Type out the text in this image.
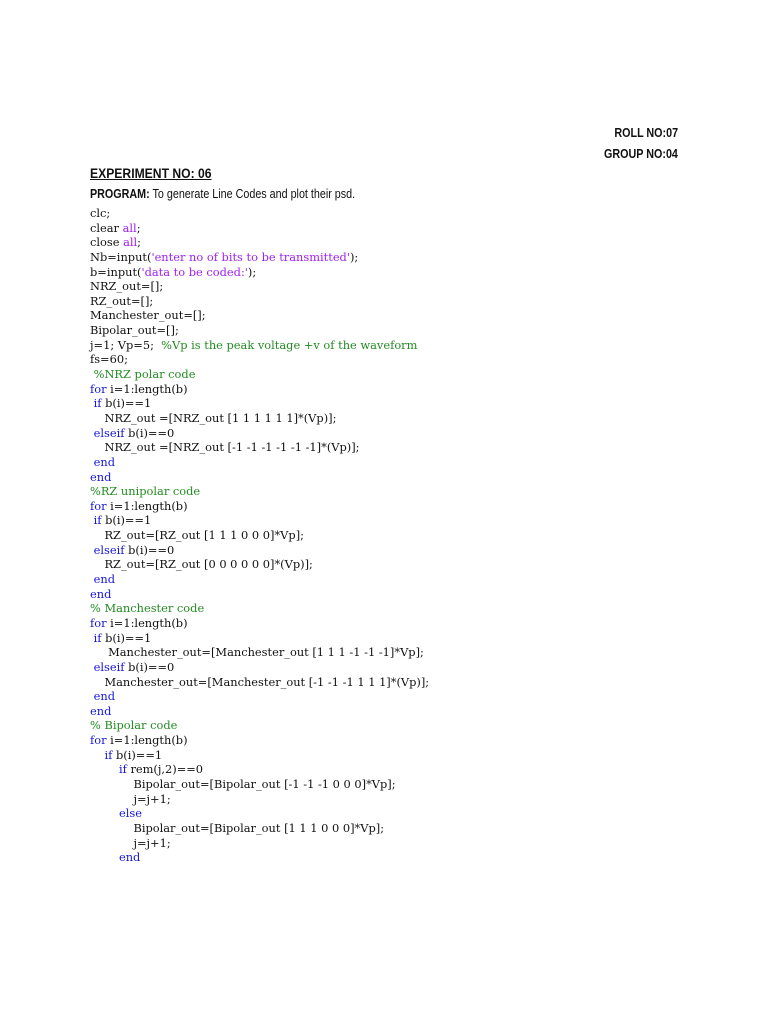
ROLL NO:07
GROUP NO:04
EXPERIMENT NO: 06
PROGRAM: To generate Line Codes and plot their psd.
clc;
clear all;
close all;
Nb=input('enter no of bits to be transmitted');
b=input('data to be coded:');
NRZ_out=[];
RZ_out=[];
Manchester_out=[];
Bipolar_out=[];
j=1; Vp=5;  %Vp is the peak voltage +v of the waveform
fs=60;
%NRZ polar code
for i=1:length(b)
if b(i)==1
NRZ_out =[NRZ_out [1 1 1 1 1 1]*(Vp)];
elseif b(i)==0
NRZ_out =[NRZ_out [-1 -1 -1 -1 -1 -1]*(Vp)];
end
end
%RZ unipolar code
for i=1:length(b)
if b(i)==1
RZ_out=[RZ_out [1 1 1 0 0 0]*Vp];
elseif b(i)==0
RZ_out=[RZ_out [0 0 0 0 0 0]*(Vp)];
end
end
% Manchester code
for i=1:length(b)
if b(i)==1
Manchester_out=[Manchester_out [1 1 1 -1 -1 -1]*Vp];
elseif b(i)==0
Manchester_out=[Manchester_out [-1 -1 -1 1 1 1]*(Vp)];
end
end
% Bipolar code
for i=1:length(b)
if b(i)==1
if rem(j,2)==0
Bipolar_out=[Bipolar_out [-1 -1 -1 0 0 0]*Vp];
j=j+1;
else
Bipolar_out=[Bipolar_out [1 1 1 0 0 0]*Vp];
j=j+1;
end
